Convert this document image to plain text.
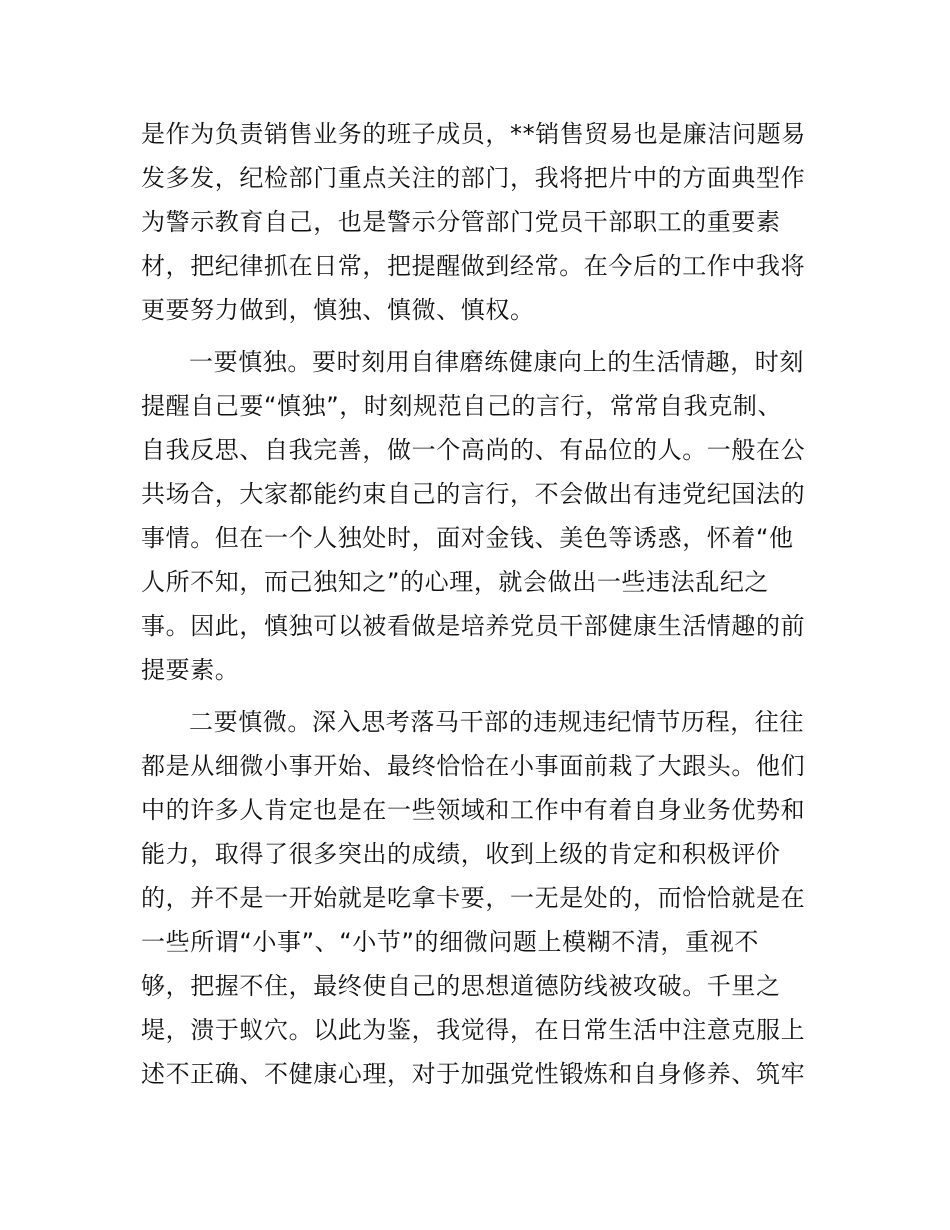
是作为负责销售业务的班子成员，**销售贸易也是廉洁问题易
发多发，纪检部门重点关注的部门，我将把片中的方面典型作
为警示教育自己，也是警示分管部门党员干部职工的重要素
材，把纪律抓在日常，把提醒做到经常。在今后的工作中我将
更要努力做到，慎独、慎微、慎权。
一要慎独。要时刻用自律磨练健康向上的生活情趣，时刻
提醒自己要“慎独”，时刻规范自己的言行，常常自我克制、
自我反思、自我完善，做一个高尚的、有品位的人。一般在公
共场合，大家都能约束自己的言行，不会做出有违党纪国法的
事情。但在一个人独处时，面对金钱、美色等诱惑，怀着“他
人所不知，而己独知之”的心理，就会做出一些违法乱纪之
事。因此，慎独可以被看做是培养党员干部健康生活情趣的前
提要素。
二要慎微。深入思考落马干部的违规违纪情节历程，往往
都是从细微小事开始、最终恰恰在小事面前栽了大跟头。他们
中的许多人肯定也是在一些领域和工作中有着自身业务优势和
能力，取得了很多突出的成绩，收到上级的肯定和积极评价
的，并不是一开始就是吃拿卡要，一无是处的，而恰恰就是在
一些所谓“小事”、“小节”的细微问题上模糊不清，重视不
够，把握不住，最终使自己的思想道德防线被攻破。千里之
堤，溃于蚁穴。以此为鉴，我觉得，在日常生活中注意克服上
述不正确、不健康心理，对于加强党性锻炼和自身修养、筑牢
